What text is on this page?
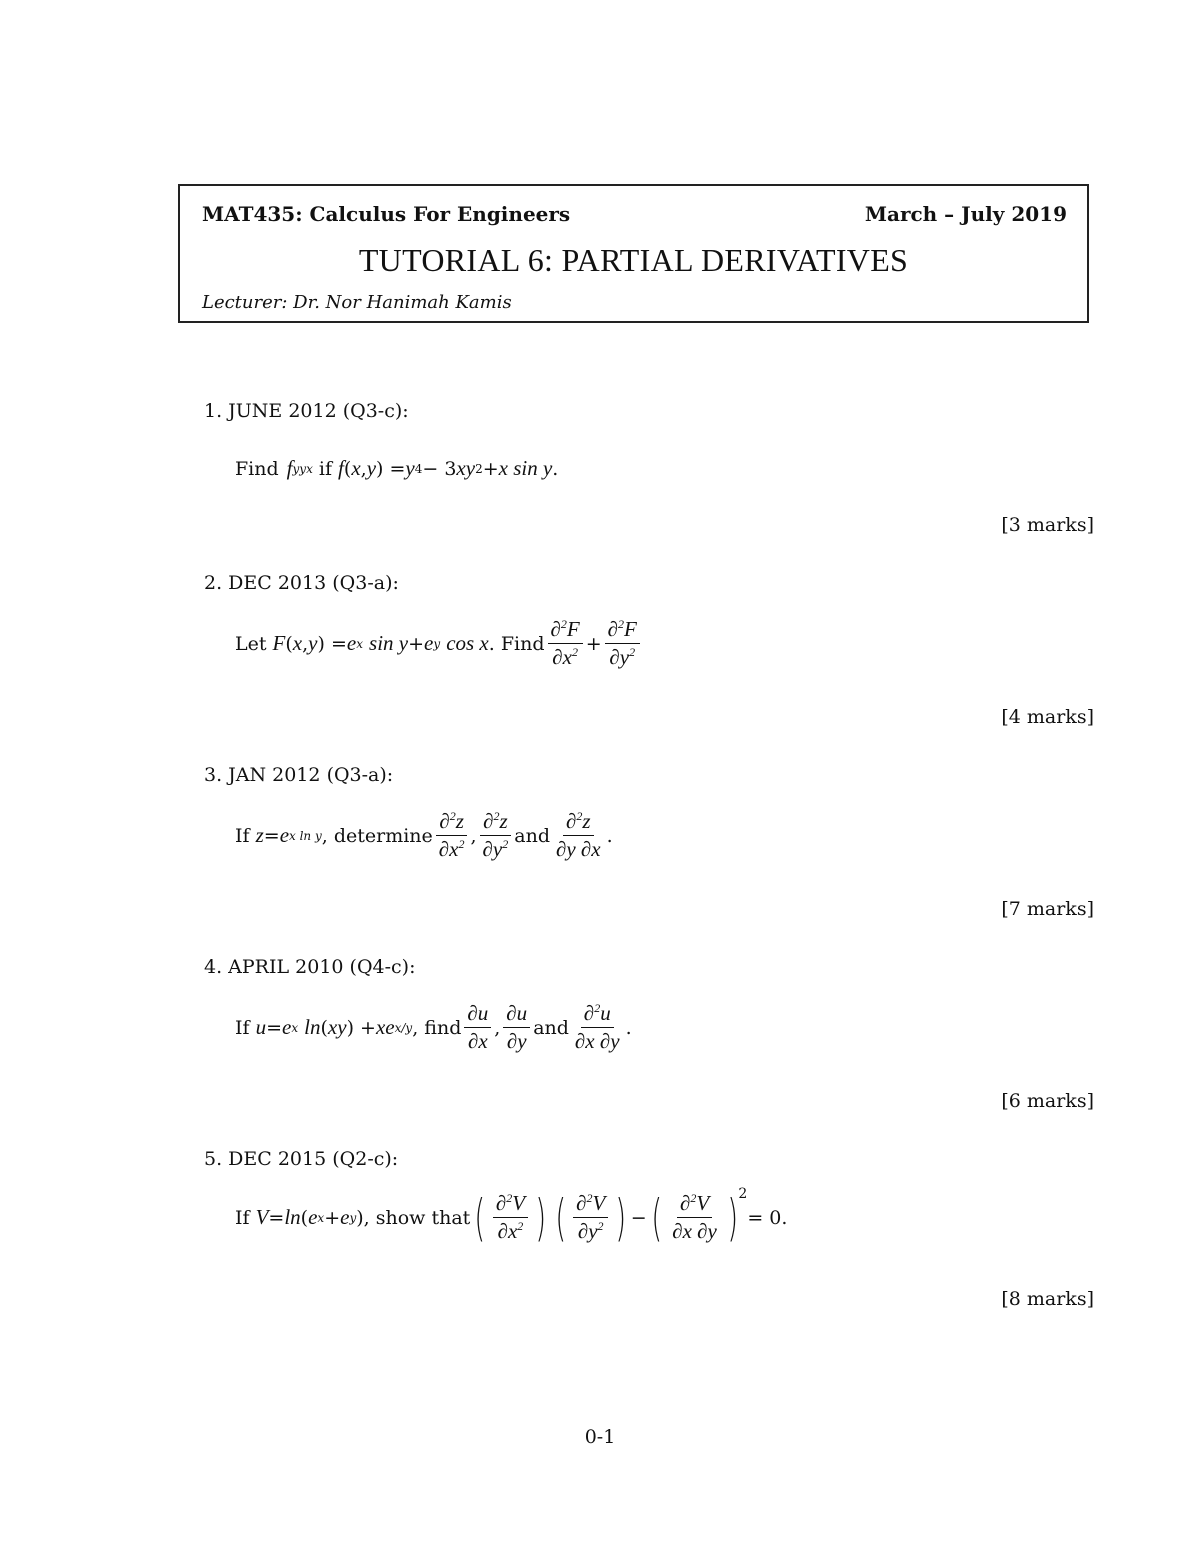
MAT435: Calculus For Engineers	March – July 2019
TUTORIAL 6: PARTIAL DERIVATIVES
Lecturer: Dr. Nor Hanimah Kamis
1. JUNE 2012 (Q3-c):
Find f yyx if f ( x , y ) = y 4 − 3 xy 2 + x sin y .
[3 marks]
2. DEC 2013 (Q3-a):
Let F ( x , y ) = e x
sin y + e y
cos x . Find $\frac{\partial^2F}{\partial x^2} + \frac{\partial^2F}{\partial y^2}$
[4 marks]
3. JAN 2012 (Q3-a):
If z = e x ln y , determine $\frac{\partial^2z}{\partial x^2}$ , $\frac{\partial^2z}{\partial y^2}$ and $\frac{\partial^2z}{\partial y \partial x}$ .
[7 marks]
4. APRIL 2010 (Q4-c):
If u = e x
ln ( xy ) + xe x/y , find $\frac{\partial u}{\partial x}$ , $\frac{\partial u}{\partial y}$ and $\frac{\partial^2u}{\partial x \partial y}$ .
[6 marks]
5. DEC 2015 (Q2-c):
If V = ln ( e x + e y ), show that ( $\frac{\partial^2V}{\partial x^2}$ ) ( $\frac{\partial^2V}{\partial y^2}$ ) − ( $\frac{\partial^2V}{\partial x \partial y}$ ) 2
= 0.
[8 marks]
0-1
